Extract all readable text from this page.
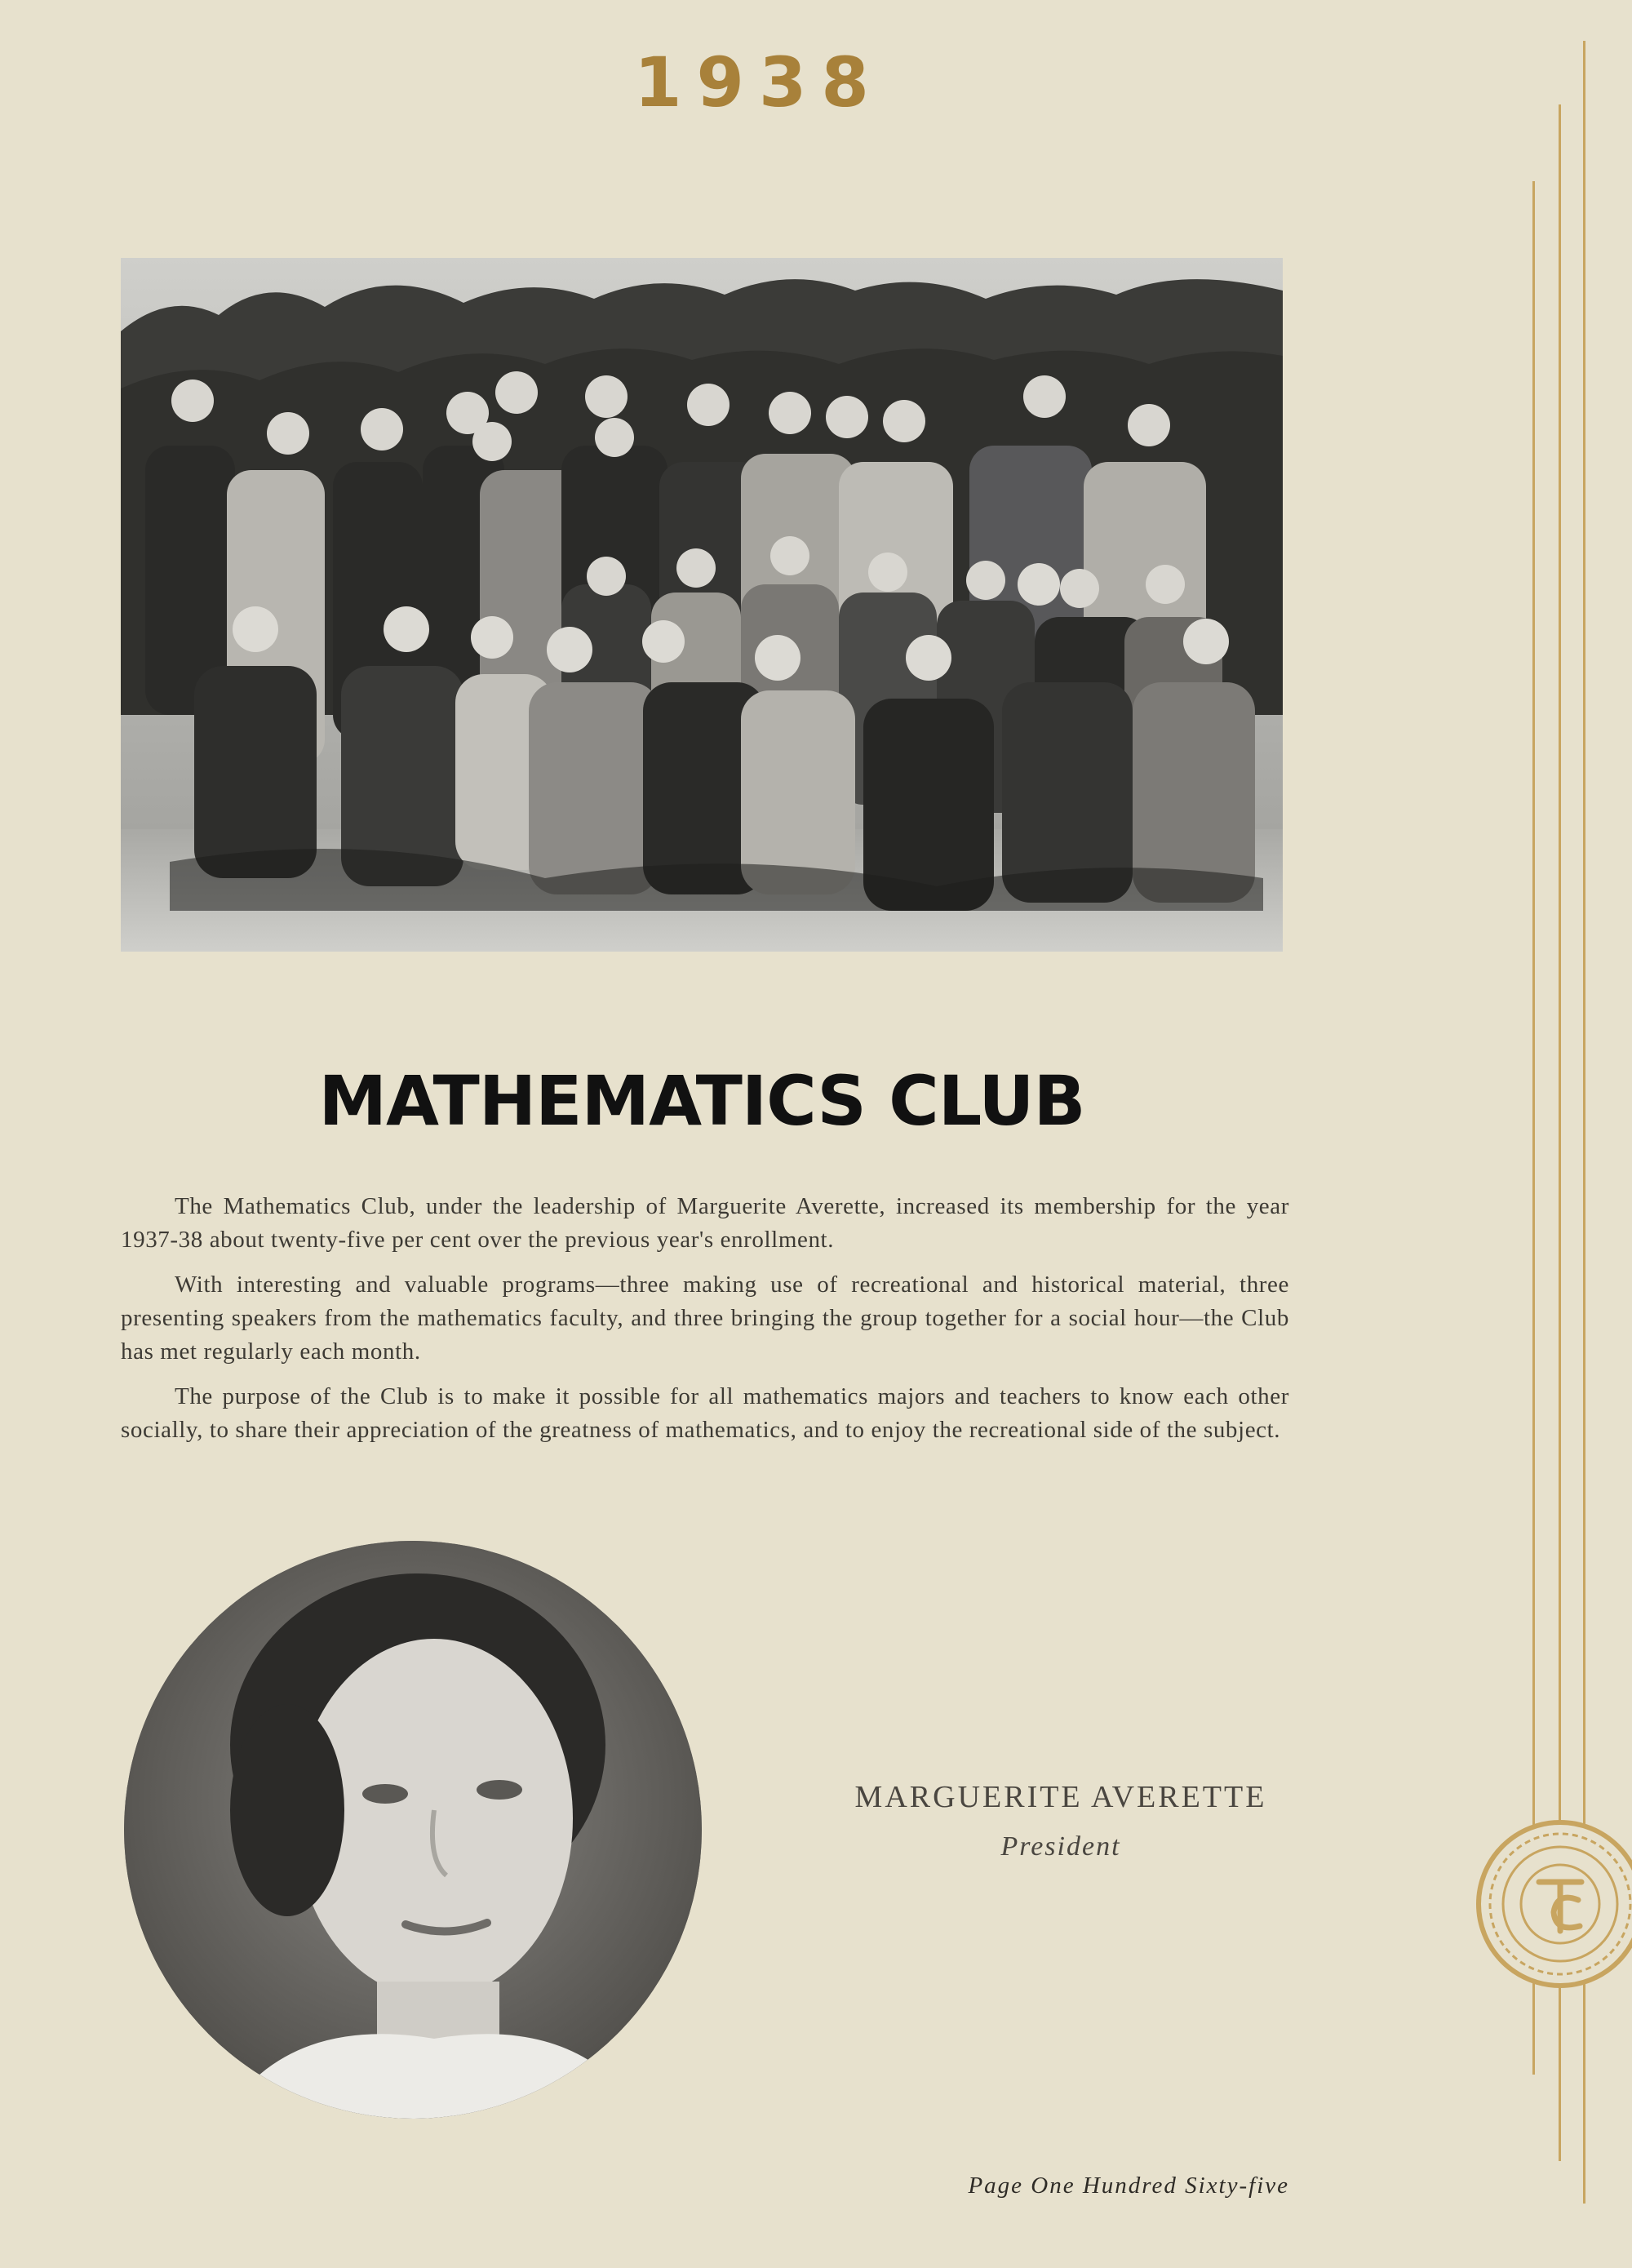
1938
MATHEMATICS CLUB

The Mathematics Club, under the leadership of Marguerite Averette, increased its membership for the year 1937-38 about twenty-five per cent over the previous year's enrollment.

With interesting and valuable programs—three making use of recreational and historical material, three presenting speakers from the mathematics faculty, and three bringing the group together for a social hour—the Club has met regularly each month.

The purpose of the Club is to make it possible for all mathematics majors and teachers to know each other socially, to share their appreciation of the greatness of mathematics, and to enjoy the recreational side of the subject.

MARGUERITE AVERETTE
President
Page One Hundred Sixty-five
